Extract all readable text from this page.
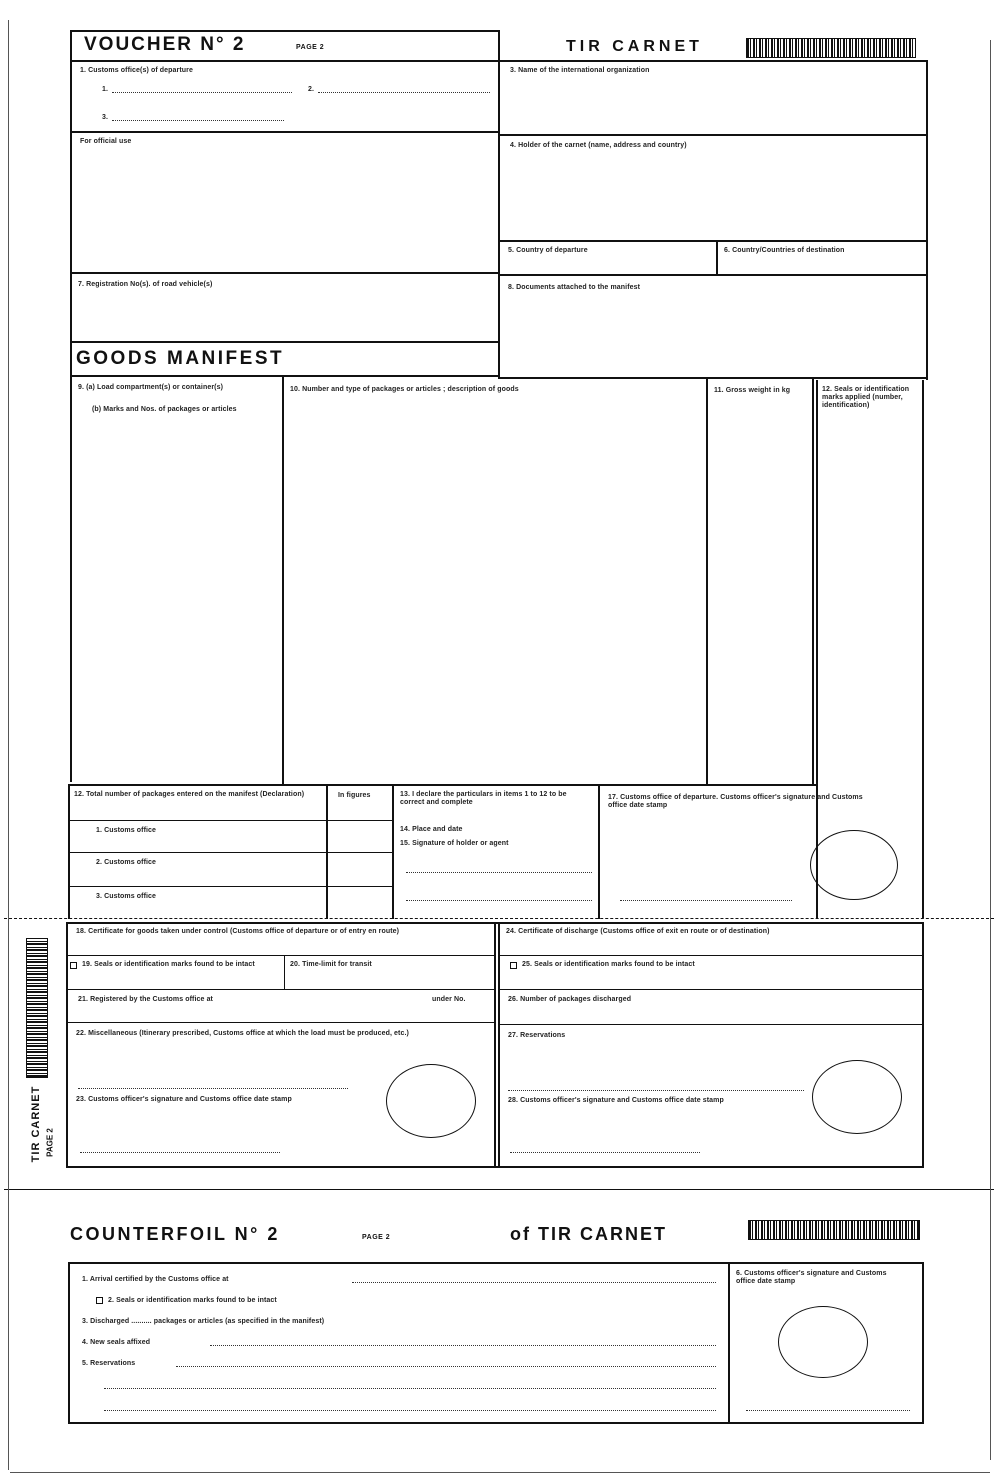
VOUCHER N° 2	PAGE 2	TIR CARNET
1. Customs office(s) of departure
1.	2.
3.
For official use
3. Name of the international organization
4. Holder of the carnet (name, address and country)
5. Country of departure	6. Country/Countries of destination
7. Registration No(s). of road vehicle(s)	8. Documents attached to the manifest
GOODS MANIFEST
9. (a) Load compartment(s) or container(s)
(b) Marks and Nos. of packages or articles
10. Number and type of packages or articles ; description of goods	11. Gross weight in kg	12. Seals or identification marks applied (number, identification)
12. Total number of packages entered on the manifest (Declaration)	In figures
1. Customs office
2. Customs office
3. Customs office
13. I declare the particulars in items 1 to 12 to be correct and complete
14. Place and date
15. Signature of holder or agent
17. Customs office of departure. Customs officer's signature and Customs office date stamp
TIR CARNET PAGE 2
18. Certificate for goods taken under control (Customs office of departure or of entry en route)
19. Seals or identification marks found to be intact	20. Time-limit for transit
21. Registered by the Customs office at	under No.
22. Miscellaneous (Itinerary prescribed, Customs office at which the load must be produced, etc.)
23. Customs officer's signature and Customs office date stamp
24. Certificate of discharge (Customs office of exit en route or of destination)
25. Seals or identification marks found to be intact
26. Number of packages discharged
27. Reservations
28. Customs officer's signature and Customs office date stamp
COUNTERFOIL N° 2	PAGE 2	of TIR CARNET
1. Arrival certified by the Customs office at
2. Seals or identification marks found to be intact
3. Discharged .......... packages or articles (as specified in the manifest)
4. New seals affixed
5. Reservations
6. Customs officer's signature and Customs office date stamp
